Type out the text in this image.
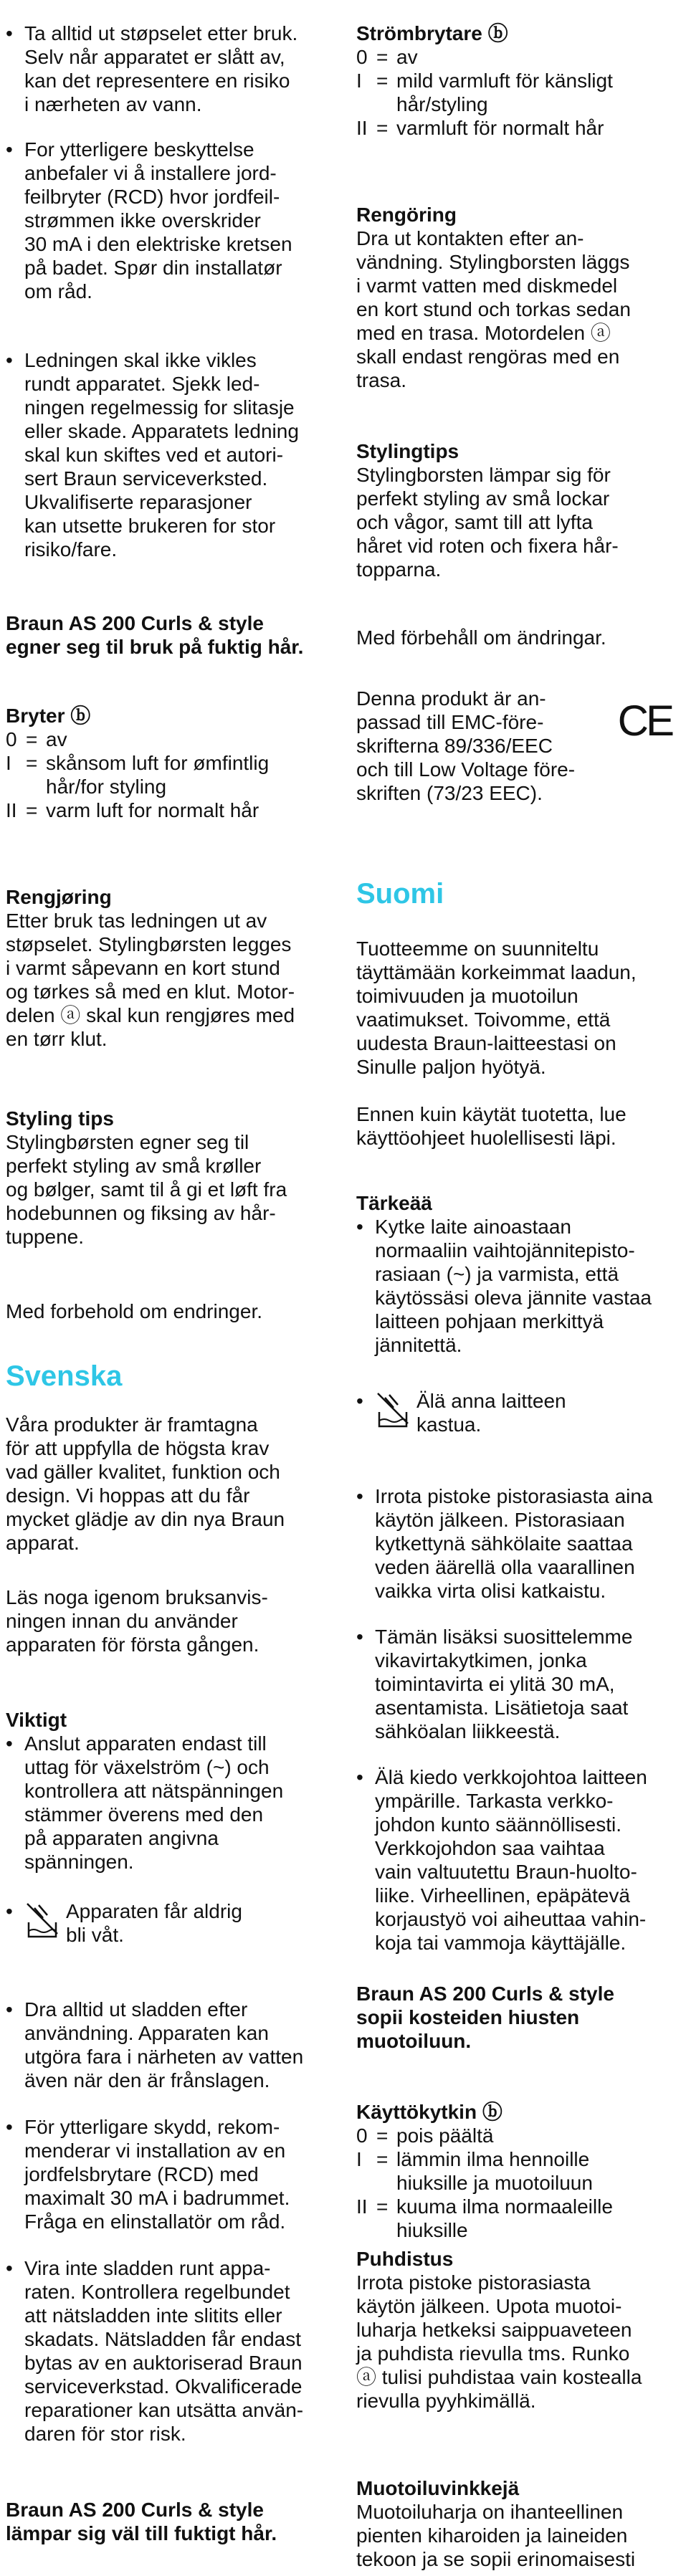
• Ta alltid ut støpselet etter bruk.
Selv når apparatet er slått av,
kan det representere en risiko
i nærheten av vann.
• For ytterligere beskyttelse
anbefaler vi å installere jord-
feilbryter (RCD) hvor jordfeil-
strømmen ikke overskrider
30 mA i den elektriske kretsen
på badet. Spør din installatør
om råd.
• Ledningen skal ikke vikles
rundt apparatet. Sjekk led-
ningen regelmessig for slitasje
eller skade. Apparatets ledning
skal kun skiftes ved et autori-
sert Braun serviceverksted.
Ukvalifiserte reparasjoner
kan utsette brukeren for stor
risiko/fare.
Braun AS 200 Curls & style
egner seg til bruk på fuktig hår.
Bryter ⓑ
0 = av
I = skånsom luft for ømfintlig
hår/for styling
II = varm luft for normalt hår
Rengjøring
Etter bruk tas ledningen ut av
støpselet. Stylingbørsten legges
i varmt såpevann en kort stund
og tørkes så med en klut. Motor-
delen ⓐ skal kun rengjøres med
en tørr klut.
Styling tips
Stylingbørsten egner seg til
perfekt styling av små krøller
og bølger, samt til å gi et løft fra
hodebunnen og fiksing av hår-
tuppene.
Med forbehold om endringer.
Svenska
Våra produkter är framtagna
för att uppfylla de högsta krav
vad gäller kvalitet, funktion och
design. Vi hoppas att du får
mycket glädje av din nya Braun
apparat.
Läs noga igenom bruksanvis-
ningen innan du använder
apparaten för första gången.
Viktigt
• Anslut apparaten endast till
uttag för växelström (~) och
kontrollera att nätspänningen
stämmer överens med den
på apparaten angivna
spänningen.
•	Apparaten får aldrig
bli våt.
• Dra alltid ut sladden efter
användning. Apparaten kan
utgöra fara i närheten av vatten
även när den är frånslagen.
• För ytterligare skydd, rekom-
menderar vi installation av en
jordfelsbrytare (RCD) med
maximalt 30 mA i badrummet.
Fråga en elinstallatör om råd.
• Vira inte sladden runt appa-
raten. Kontrollera regelbundet
att nätsladden inte slitits eller
skadats. Nätsladden får endast
bytas av en auktoriserad Braun
serviceverkstad. Okvalificerade
reparationer kan utsätta använ-
daren för stor risk.
Braun AS 200 Curls & style
lämpar sig väl till fuktigt hår.
Strömbrytare ⓑ
0 = av
I = mild varmluft för känsligt
hår/styling
II = varmluft för normalt hår
Rengöring
Dra ut kontakten efter an-
vändning. Stylingborsten läggs
i varmt vatten med diskmedel
en kort stund och torkas sedan
med en trasa. Motordelen ⓐ
skall endast rengöras med en
trasa.
Stylingtips
Stylingborsten lämpar sig för
perfekt styling av små lockar
och vågor, samt till att lyfta
håret vid roten och fixera hår-
topparna.
Med förbehåll om ändringar.
Denna produkt är an-
passad till EMC-före-
skrifterna 89/336/EEC
och till Low Voltage före-
skriften (73/23 EEC).
CE
Suomi
Tuotteemme on suunniteltu
täyttämään korkeimmat laadun,
toimivuuden ja muotoilun
vaatimukset. Toivomme, että
uudesta Braun-laitteestasi on
Sinulle paljon hyötyä.
Ennen kuin käytät tuotetta, lue
käyttöohjeet huolellisesti läpi.
Tärkeää
• Kytke laite ainoastaan
normaaliin vaihtojännitepisto-
rasiaan (~) ja varmista, että
käytössäsi oleva jännite vastaa
laitteen pohjaan merkittyä
jännitettä.
•	Älä anna laitteen
kastua.
• Irrota pistoke pistorasiasta aina
käytön jälkeen. Pistorasiaan
kytkettynä sähkölaite saattaa
veden äärellä olla vaarallinen
vaikka virta olisi katkaistu.
• Tämän lisäksi suosittelemme
vikavirtakytkimen, jonka
toimintavirta ei ylitä 30 mA,
asentamista. Lisätietoja saat
sähköalan liikkeestä.
• Älä kiedo verkkojohtoa laitteen
ympärille. Tarkasta verkko-
johdon kunto säännöllisesti.
Verkkojohdon saa vaihtaa
vain valtuutettu Braun-huolto-
liike. Virheellinen, epäpätevä
korjaustyö voi aiheuttaa vahin-
koja tai vammoja käyttäjälle.
Braun AS 200 Curls & style
sopii kosteiden hiusten
muotoiluun.
Käyttökytkin ⓑ
0 = pois päältä
I = lämmin ilma hennoille
hiuksille ja muotoiluun
II = kuuma ilma normaaleille
hiuksille
Puhdistus
Irrota pistoke pistorasiasta
käytön jälkeen. Upota muotoi-
luharja hetkeksi saippuaveteen
ja puhdista rievulla tms. Runko
ⓐ tulisi puhdistaa vain kostealla
rievulla pyyhkimällä.
Muotoiluvinkkejä
Muotoiluharja on ihanteellinen
pienten kiharoiden ja laineiden
tekoon ja se sopii erinomaisesti
